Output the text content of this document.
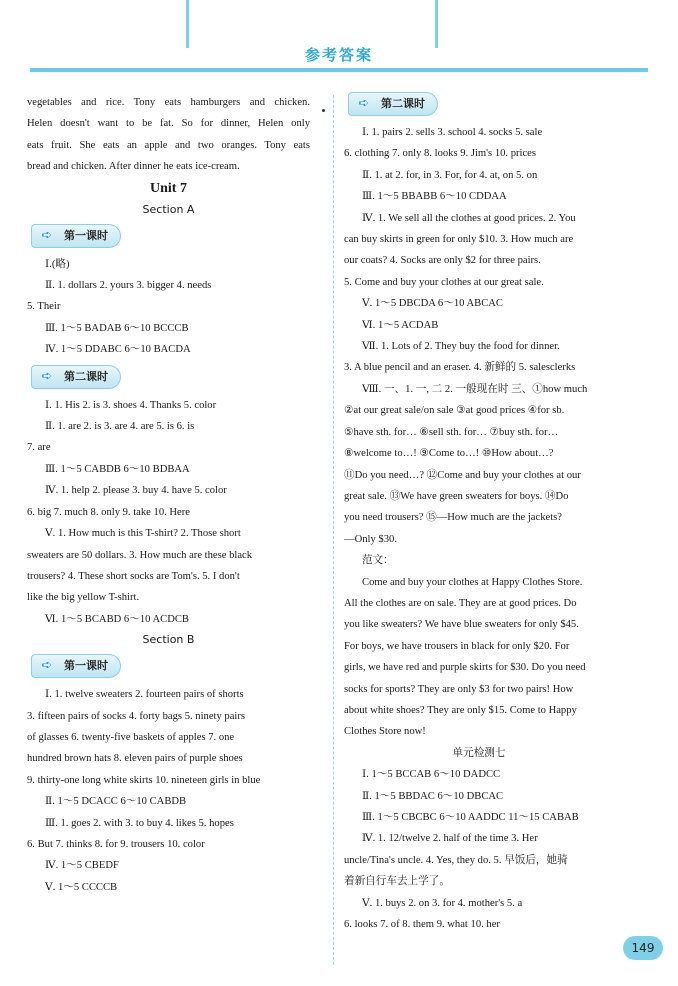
参考答案
vegetables and rice. Tony eats hamburgers and chicken.
Helen doesn't want to be fat. So for dinner, Helen only
eats fruit. She eats an apple and two oranges. Tony eats
bread and chicken. After dinner he eats ice-cream.
Unit 7
Section A
➪	第一课时
Ⅰ.(略)
Ⅱ. 1. dollars 2. yours 3. bigger 4. needs
5. Their
Ⅲ. 1～5 BADAB 6～10 BCCCB
Ⅳ. 1～5 DDABC 6～10 BACDA
➪	第二课时
Ⅰ. 1. His 2. is 3. shoes 4. Thanks 5. color
Ⅱ. 1. are 2. is 3. are 4. are 5. is 6. is
7. are
Ⅲ. 1～5 CABDB 6～10 BDBAA
Ⅳ. 1. help 2. please 3. buy 4. have 5. color
6. big 7. much 8. only 9. take 10. Here
Ⅴ. 1. How much is this T-shirt? 2. Those short
sweaters are 50 dollars. 3. How much are these black
trousers? 4. These short socks are Tom's. 5. I don't
like the big yellow T-shirt.
Ⅵ. 1～5 BCABD 6～10 ACDCB
Section B
➪	第一课时
Ⅰ. 1. twelve sweaters 2. fourteen pairs of shorts
3. fifteen pairs of socks 4. forty bags 5. ninety pairs
of glasses 6. twenty-five baskets of apples 7. one
hundred brown hats 8. eleven pairs of purple shoes
9. thirty-one long white skirts 10. nineteen girls in blue
Ⅱ. 1～5 DCACC 6～10 CABDB
Ⅲ. 1. goes 2. with 3. to buy 4. likes 5. hopes
6. But 7. thinks 8. for 9. trousers 10. color
Ⅳ. 1～5 CBEDF
Ⅴ. 1～5 CCCCB
➪	第二课时
Ⅰ. 1. pairs 2. sells 3. school 4. socks 5. sale
6. clothing 7. only 8. looks 9. Jim's 10. prices
Ⅱ. 1. at 2. for, in 3. For, for 4. at, on 5. on
Ⅲ. 1～5 BBABB 6～10 CDDAA
Ⅳ. 1. We sell all the clothes at good prices. 2. You
can buy skirts in green for only $10. 3. How much are
our coats? 4. Socks are only $2 for three pairs.
5. Come and buy your clothes at our great sale.
Ⅴ. 1～5 DBCDA 6～10 ABCAC
Ⅵ. 1～5 ACDAB
Ⅶ. 1. Lots of 2. They buy the food for dinner.
3. A blue pencil and an eraser. 4. 新鲜的 5. salesclerks
Ⅷ. 一、1. 一, 二 2. 一般现在时 三、①how much
②at our great sale/on sale ③at good prices ④for sb.
⑤have sth. for… ⑥sell sth. for… ⑦buy sth. for…
⑧welcome to…! ⑨Come to…! ⑩How about…?
⑪Do you need…? ⑫Come and buy your clothes at our
great sale. ⑬We have green sweaters for boys. ⑭Do
you need trousers? ⑮—How much are the jackets?
—Only $30.
范文：
Come and buy your clothes at Happy Clothes Store.
All the clothes are on sale. They are at good prices. Do
you like sweaters? We have blue sweaters for only $45.
For boys, we have trousers in black for only $20. For
girls, we have red and purple skirts for $30. Do you need
socks for sports? They are only $3 for two pairs! How
about white shoes? They are only $15. Come to Happy
Clothes Store now!
单元检测七
Ⅰ. 1～5 BCCAB 6～10 DADCC
Ⅱ. 1～5 BBDAC 6～10 DBCAC
Ⅲ. 1～5 CBCBC 6～10 AADDC 11～15 CABAB
Ⅳ. 1. 12/twelve 2. half of the time 3. Her
uncle/Tina's uncle. 4. Yes, they do. 5. 早饭后，她骑
着新自行车去上学了。
Ⅴ. 1. buys 2. on 3. for 4. mother's 5. a
6. looks 7. of 8. them 9. what 10. her
149
